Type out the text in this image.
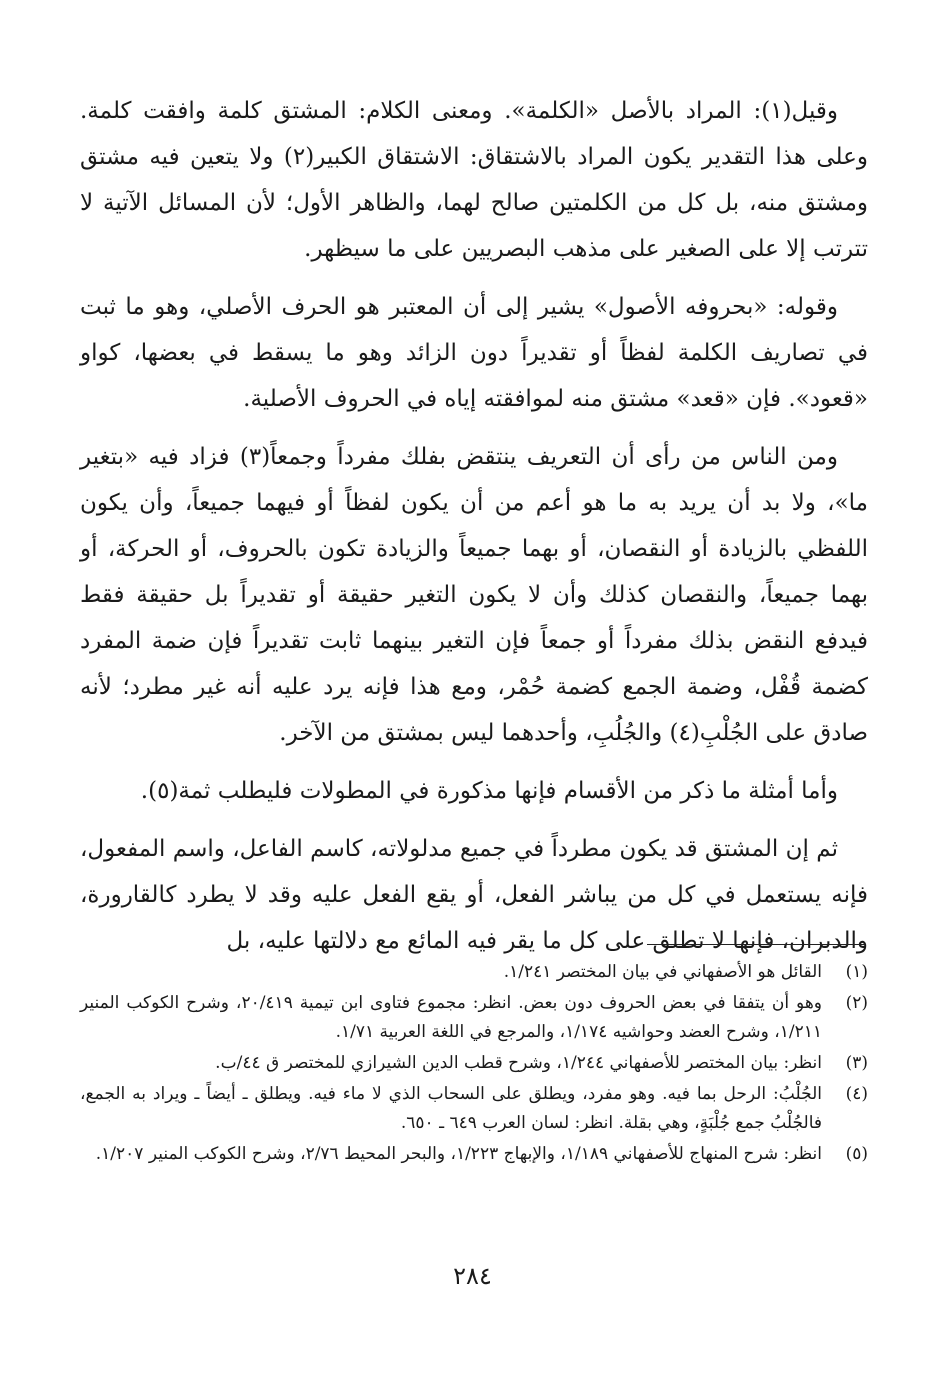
وقيل(١): المراد بالأصل «الكلمة». ومعنى الكلام: المشتق كلمة وافقت كلمة. وعلى هذا التقدير يكون المراد بالاشتقاق: الاشتقاق الكبير(٢) ولا يتعين فيه مشتق ومشتق منه، بل كل من الكلمتين صالح لهما، والظاهر الأول؛ لأن المسائل الآتية لا تترتب إلا على الصغير على مذهب البصريين على ما سيظهر.

وقوله: «بحروفه الأصول» يشير إلى أن المعتبر هو الحرف الأصلي، وهو ما ثبت في تصاريف الكلمة لفظاً أو تقديراً دون الزائد وهو ما يسقط في بعضها، كواو «قعود». فإن «قعد» مشتق منه لموافقته إياه في الحروف الأصلية.

ومن الناس من رأى أن التعريف ينتقض بفلك مفرداً وجمعاً(٣) فزاد فيه «بتغير ما»، ولا بد أن يريد به ما هو أعم من أن يكون لفظاً أو فيهما جميعاً، وأن يكون اللفظي بالزيادة أو النقصان، أو بهما جميعاً والزيادة تكون بالحروف، أو الحركة، أو بهما جميعاً، والنقصان كذلك وأن لا يكون التغير حقيقة أو تقديراً بل حقيقة فقط فيدفع النقض بذلك مفرداً أو جمعاً فإن التغير بينهما ثابت تقديراً فإن ضمة المفرد كضمة قُفْل، وضمة الجمع كضمة حُمْر، ومع هذا فإنه يرد عليه أنه غير مطرد؛ لأنه صادق على الجُلْبِ(٤) والجُلُبِ، وأحدهما ليس بمشتق من الآخر.

وأما أمثلة ما ذكر من الأقسام فإنها مذكورة في المطولات فليطلب ثمة(٥).

ثم إن المشتق قد يكون مطرداً في جميع مدلولاته، كاسم الفاعل، واسم المفعول، فإنه يستعمل في كل من يباشر الفعل، أو يقع الفعل عليه وقد لا يطرد كالقارورة، والدبران، فإنها لا تطلق على كل ما يقر فيه المائع مع دلالتها عليه، بل

(١)
القائل هو الأصفهاني في بيان المختصر ١/٢٤١.
(٢)
وهو أن يتفقا في بعض الحروف دون بعض. انظر: مجموع فتاوى ابن تيمية ٢٠/٤١٩، وشرح الكوكب المنير ١/٢١١، وشرح العضد وحواشيه ١/١٧٤، والمرجع في اللغة العربية ١/٧١.
(٣)
انظر: بيان المختصر للأصفهاني ١/٢٤٤، وشرح قطب الدين الشيرازي للمختصر ق ٤٤/ب.
(٤)
الجُلْبُ: الرحل بما فيه. وهو مفرد، ويطلق على السحاب الذي لا ماء فيه. ويطلق ـ أيضاً ـ ويراد به الجمع، فالجُلْبُ جمع جُلْبَةٍ، وهي بقلة. انظر: لسان العرب ٦٤٩ ـ ٦٥٠.
(٥)
انظر: شرح المنهاج للأصفهاني ١/١٨٩، والإبهاج ١/٢٢٣، والبحر المحيط ٢/٧٦، وشرح الكوكب المنير ١/٢٠٧.
٢٨٤
